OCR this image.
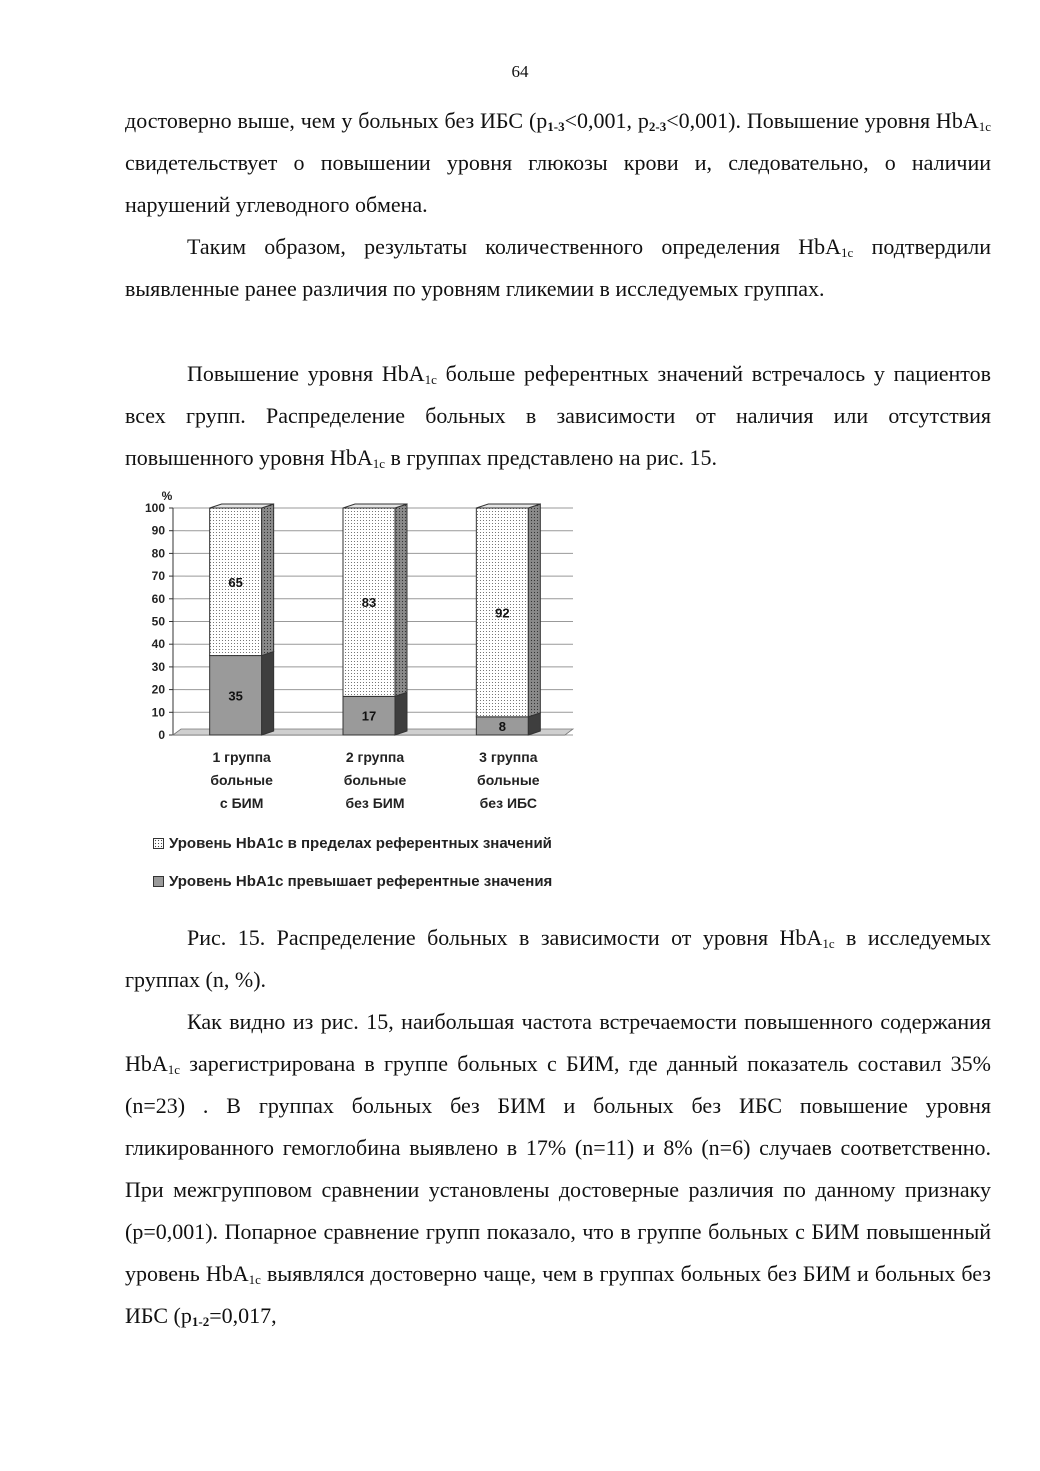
64

достоверно выше, чем у больных без ИБС (p1-3<0,001, p2-3<0,001). Повышение уровня HbA1c свидетельствует о повышении уровня глюкозы крови и, следовательно, о наличии нарушений углеводного обмена.

Таким образом, результаты количественного определения HbA1c подтвердили выявленные ранее различия по уровням гликемии в исследуемых группах.

Повышение уровня HbA1c больше референтных значений встречалось у пациентов всех групп. Распределение больных в зависимости от наличия или отсутствия повышенного уровня HbA1c в группах представлено на рис. 15.

0
10
20
30
40
50
60
70
80
90
100
%
35
65
1 группа
больные
с БИМ
17
83
2 группа
больные
без БИМ
8
92
3 группа
больные
без ИБС
Уровень HbA1c в пределах референтных значений
Уровень HbA1c превышает референтные значения

Рис. 15. Распределение больных в зависимости от уровня HbA1c в исследуемых группах (n, %).

Как видно из рис. 15, наибольшая частота встречаемости повышенного содержания HbA1c зарегистрирована в группе больных с БИМ, где данный показатель составил 35% (n=23) . В группах больных без БИМ и больных без ИБС повышение уровня гликированного гемоглобина выявлено в 17% (n=11) и 8% (n=6) случаев соответственно. При межгрупповом сравнении установлены достоверные различия по данному признаку (p=0,001). Попарное сравнение групп показало, что в группе больных с БИМ повышенный уровень HbA1c выявлялся достоверно чаще, чем в группах больных без БИМ и больных без ИБС (p1-2=0,017,
